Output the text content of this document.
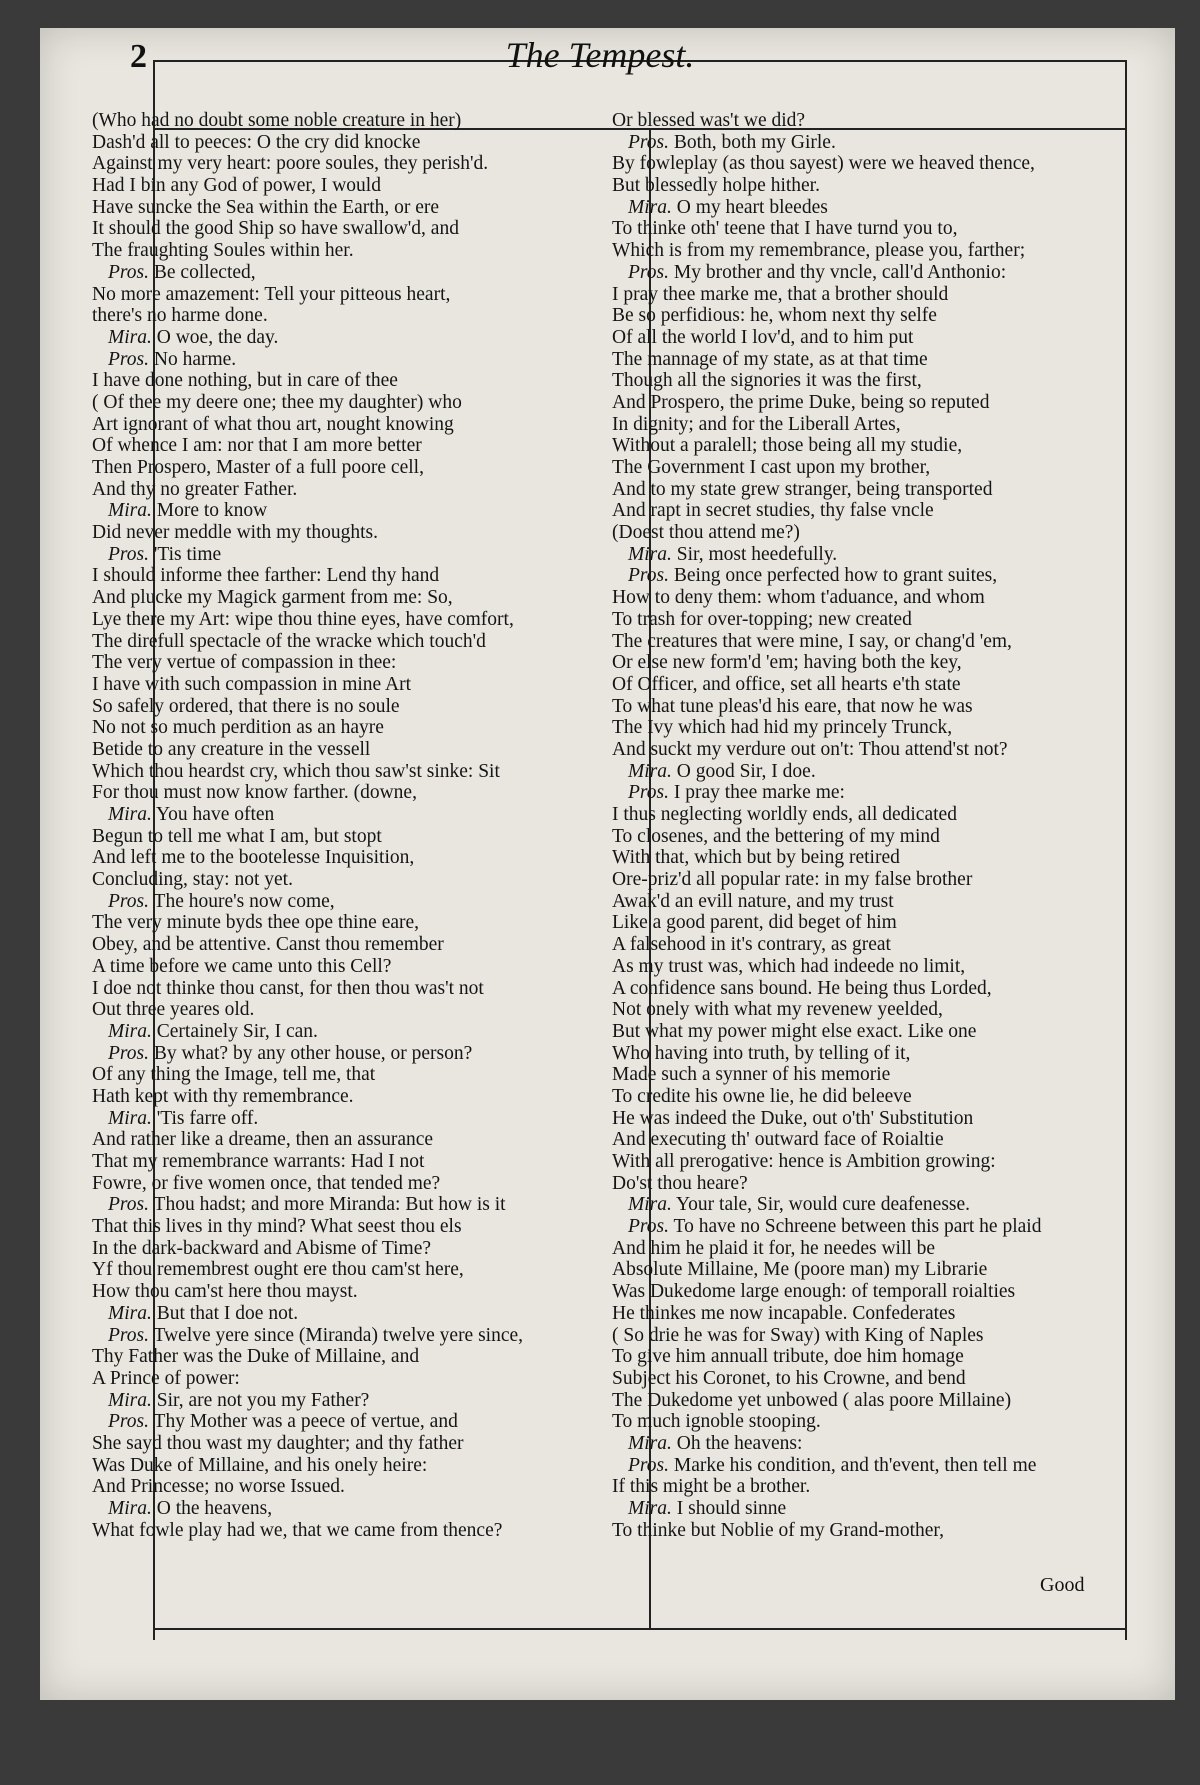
2	The Tempest.
(Who had no doubt some noble creature in her)
Dash'd all to peeces: O the cry did knocke
Against my very heart: poore soules, they perish'd.
Had I bin any God of power, I would
Have suncke the Sea within the Earth, or ere
It should the good Ship so have swallow'd, and
The fraughting Soules within her.
Pros. Be collected,
No more amazement: Tell your pitteous heart,
there's no harme done.
Mira. O woe, the day.
Pros. No harme.
I have done nothing, but in care of thee
( Of thee my deere one; thee my daughter) who
Art ignorant of what thou art, nought knowing
Of whence I am: nor that I am more better
Then Prospero, Master of a full poore cell,
And thy no greater Father.
Mira. More to know
Did never meddle with my thoughts.
Pros. 'Tis time
I should informe thee farther: Lend thy hand
And plucke my Magick garment from me: So,
Lye there my Art: wipe thou thine eyes, have comfort,
The direfull spectacle of the wracke which touch'd
The very vertue of compassion in thee:
I have with such compassion in mine Art
So safely ordered, that there is no soule
No not so much perdition as an hayre
Betide to any creature in the vessell
Which thou heardst cry, which thou saw'st sinke: Sit
For thou must now know farther. (downe,
Mira. You have often
Begun to tell me what I am, but stopt
And left me to the bootelesse Inquisition,
Concluding, stay: not yet.
Pros. The houre's now come,
The very minute byds thee ope thine eare,
Obey, and be attentive. Canst thou remember
A time before we came unto this Cell?
I doe not thinke thou canst, for then thou was't not
Out three yeares old.
Mira. Certainely Sir, I can.
Pros. By what? by any other house, or person?
Of any thing the Image, tell me, that
Hath kept with thy remembrance.
Mira. 'Tis farre off.
And rather like a dreame, then an assurance
That my remembrance warrants: Had I not
Fowre, or five women once, that tended me?
Pros. Thou hadst; and more Miranda: But how is it
That this lives in thy mind? What seest thou els
In the dark-backward and Abisme of Time?
Yf thou remembrest ought ere thou cam'st here,
How thou cam'st here thou mayst.
Mira. But that I doe not.
Pros. Twelve yere since (Miranda) twelve yere since,
Thy Father was the Duke of Millaine, and
A Prince of power:
Mira. Sir, are not you my Father?
Pros. Thy Mother was a peece of vertue, and
She sayd thou wast my daughter; and thy father
Was Duke of Millaine, and his onely heire:
And Princesse; no worse Issued.
Mira. O the heavens,
What fowle play had we, that we came from thence?
Or blessed was't we did?
Pros. Both, both my Girle.
By fowleplay (as thou sayest) were we heaved thence,
But blessedly holpe hither.
Mira. O my heart bleedes
To thinke oth' teene that I have turnd you to,
Which is from my remembrance, please you, farther;
Pros. My brother and thy vncle, call'd Anthonio:
I pray thee marke me, that a brother should
Be so perfidious: he, whom next thy selfe
Of all the world I lov'd, and to him put
The mannage of my state, as at that time
Though all the signories it was the first,
And Prospero, the prime Duke, being so reputed
In dignity; and for the Liberall Artes,
Without a paralell; those being all my studie,
The Government I cast upon my brother,
And to my state grew stranger, being transported
And rapt in secret studies, thy false vncle
(Doest thou attend me?)
Mira. Sir, most heedefully.
Pros. Being once perfected how to grant suites,
How to deny them: whom t'aduance, and whom
To trash for over-topping; new created
The creatures that were mine, I say, or chang'd 'em,
Or else new form'd 'em; having both the key,
Of Officer, and office, set all hearts e'th state
To what tune pleas'd his eare, that now he was
The Ivy which had hid my princely Trunck,
And suckt my verdure out on't: Thou attend'st not?
Mira. O good Sir, I doe.
Pros. I pray thee marke me:
I thus neglecting worldly ends, all dedicated
To closenes, and the bettering of my mind
With that, which but by being retired
Ore-priz'd all popular rate: in my false brother
Awak'd an evill nature, and my trust
Like a good parent, did beget of him
A falsehood in it's contrary, as great
As my trust was, which had indeede no limit,
A confidence sans bound. He being thus Lorded,
Not onely with what my revenew yeelded,
But what my power might else exact. Like one
Who having into truth, by telling of it,
Made such a synner of his memorie
To credite his owne lie, he did beleeve
He was indeed the Duke, out o'th' Substitution
And executing th' outward face of Roialtie
With all prerogative: hence is Ambition growing:
Do'st thou heare?
Mira. Your tale, Sir, would cure deafenesse.
Pros. To have no Schreene between this part he plaid
And him he plaid it for, he needes will be
Absolute Millaine, Me (poore man) my Librarie
Was Dukedome large enough: of temporall roialties
He thinkes me now incapable. Confederates
( So drie he was for Sway) with King of Naples
To give him annuall tribute, doe him homage
Subject his Coronet, to his Crowne, and bend
The Dukedome yet unbowed ( alas poore Millaine)
To much ignoble stooping.
Mira. Oh the heavens:
Pros. Marke his condition, and th'event, then tell me
If this might be a brother.
Mira. I should sinne
To thinke but Noblie of my Grand-mother,
Good
